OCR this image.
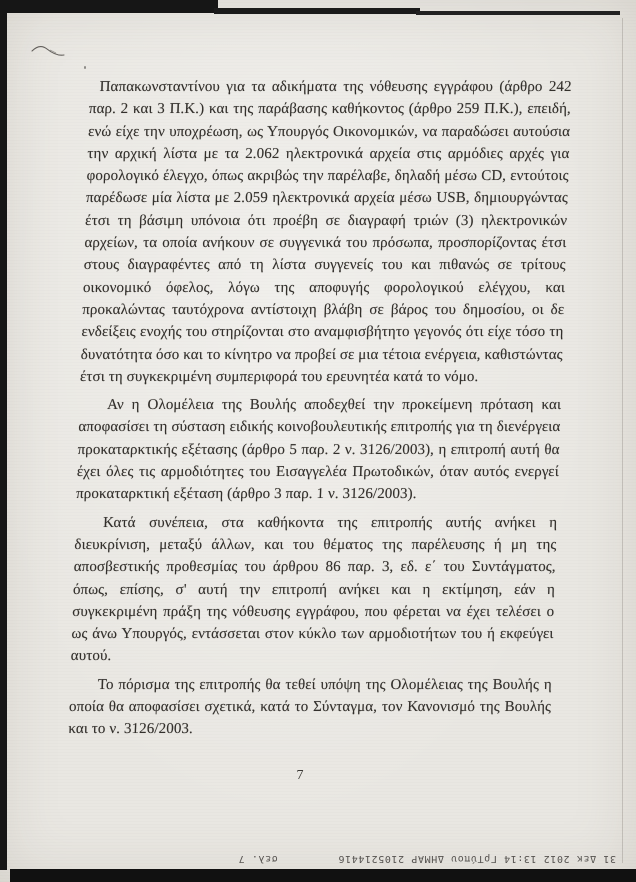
Παπακωνσταντίνου για τα αδικήματα της νόθευσης εγγράφου (άρθρο 242 παρ. 2 και 3 Π.Κ.) και της παράβασης καθήκοντος (άρθρο 259 Π.Κ.), επειδή, ενώ είχε την υποχρέωση, ως Υπουργός Οικονομικών, να παραδώσει αυτούσια την αρχική λίστα με τα 2.062 ηλεκτρονικά αρχεία στις αρμόδιες αρχές για φορολογικό έλεγχο, όπως ακριβώς την παρέλαβε, δηλαδή μέσω CD, εντούτοις παρέδωσε μία λίστα με 2.059 ηλεκτρονικά αρχεία μέσω USB, δημιουργώντας έτσι τη βάσιμη υπόνοια ότι προέβη σε διαγραφή τριών (3) ηλεκτρονικών αρχείων, τα οποία ανήκουν σε συγγενικά του πρόσωπα, προσπορίζοντας έτσι στους διαγραφέντες από τη λίστα συγγενείς του και πιθανώς σε τρίτους οικονομικό όφελος, λόγω της αποφυγής φορολογικού ελέγχου, και προκαλώντας ταυτόχρονα αντίστοιχη βλάβη σε βάρος του δημοσίου, οι δε ενδείξεις ενοχής του στηρίζονται στο αναμφισβήτητο γεγονός ότι είχε τόσο τη δυνατότητα όσο και το κίνητρο να προβεί σε μια τέτοια ενέργεια, καθιστώντας έτσι τη συγκεκριμένη συμπεριφορά του ερευνητέα κατά το νόμο.

Αν η Ολομέλεια της Βουλής αποδεχθεί την προκείμενη πρόταση και αποφασίσει τη σύσταση ειδικής κοινοβουλευτικής επιτροπής για τη διενέργεια προκαταρκτικής εξέτασης (άρθρο 5 παρ. 2 ν. 3126/2003), η επιτροπή αυτή θα έχει όλες τις αρμοδιότητες του Εισαγγελέα Πρωτοδικών, όταν αυτός ενεργεί προκαταρκτική εξέταση (άρθρο 3 παρ. 1 ν. 3126/2003).

Κατά συνέπεια, στα καθήκοντα της επιτροπής αυτής ανήκει η διευκρίνιση, μεταξύ άλλων, και του θέματος της παρέλευσης ή μη της αποσβεστικής προθεσμίας του άρθρου 86 παρ. 3, εδ. ε΄ του Συντάγματος, όπως, επίσης, σ' αυτή την επιτροπή ανήκει και η εκτίμηση, εάν η συγκεκριμένη πράξη της νόθευσης εγγράφου, που φέρεται να έχει τελέσει ο ως άνω Υπουργός, εντάσσεται στον κύκλο των αρμοδιοτήτων του ή εκφεύγει αυτού.

Το πόρισμα της επιτροπής θα τεθεί υπόψη της Ολομέλειας της Βουλής η οποία θα αποφασίσει σχετικά, κατά το Σύνταγμα, τον Κανονισμό της Βουλής και το ν. 3126/2003.

7
31 Δεκ 2012 13:14 ΓρΤύπου ΔΗΜΑΡ 2105214416
σελ. 7
